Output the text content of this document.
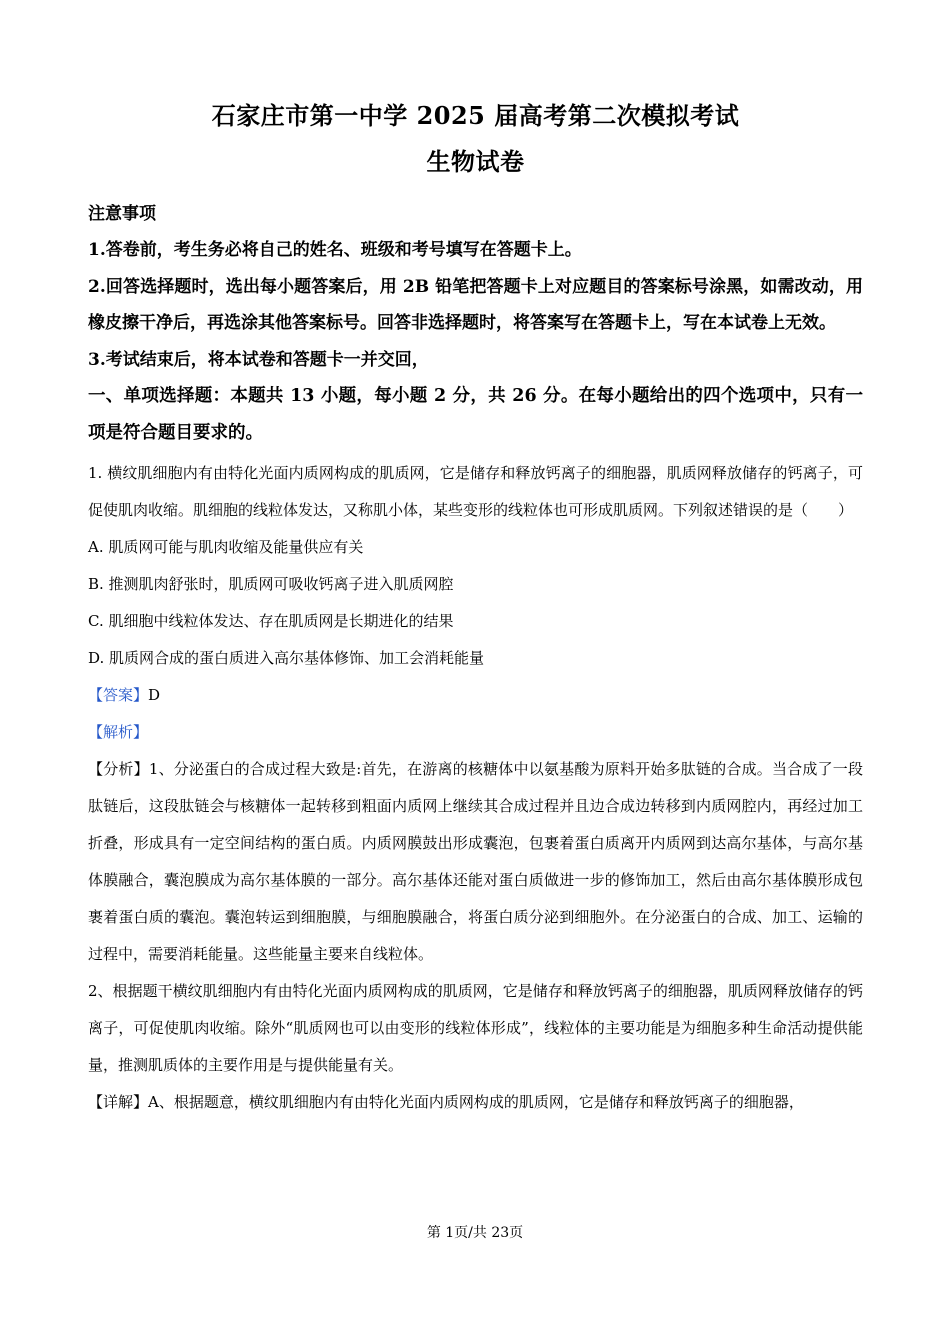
石家庄市第一中学 2025 届高考第二次模拟考试
生物试卷
注意事项

1.答卷前，考生务必将自己的姓名、班级和考号填写在答题卡上。

2.回答选择题时，选出每小题答案后，用 2B 铅笔把答题卡上对应题目的答案标号涂黑，如需改动，用橡皮擦干净后，再选涂其他答案标号。回答非选择题时，将答案写在答题卡上，写在本试卷上无效。

3.考试结束后，将本试卷和答题卡一并交回，

一、单项选择题：本题共 13 小题，每小题 2 分，共 26 分。在每小题给出的四个选项中，只有一项是符合题目要求的。

1. 横纹肌细胞内有由特化光面内质网构成的肌质网，它是储存和释放钙离子的细胞器，肌质网释放储存的钙离子，可促使肌肉收缩。肌细胞的线粒体发达，又称肌小体，某些变形的线粒体也可形成肌质网。下列叙述错误的是（　　）

A. 肌质网可能与肌肉收缩及能量供应有关

B. 推测肌肉舒张时，肌质网可吸收钙离子进入肌质网腔

C. 肌细胞中线粒体发达、存在肌质网是长期进化的结果

D. 肌质网合成的蛋白质进入高尔基体修饰、加工会消耗能量

【答案】D

【解析】

【分析】1、分泌蛋白的合成过程大致是:首先，在游离的核糖体中以氨基酸为原料开始多肽链的合成。当合成了一段肽链后，这段肽链会与核糖体一起转移到粗面内质网上继续其合成过程并且边合成边转移到内质网腔内，再经过加工折叠，形成具有一定空间结构的蛋白质。内质网膜鼓出形成囊泡，包裹着蛋白质离开内质网到达高尔基体，与高尔基体膜融合，囊泡膜成为高尔基体膜的一部分。高尔基体还能对蛋白质做进一步的修饰加工，然后由高尔基体膜形成包裹着蛋白质的囊泡。囊泡转运到细胞膜，与细胞膜融合，将蛋白质分泌到细胞外。在分泌蛋白的合成、加工、运输的过程中，需要消耗能量。这些能量主要来自线粒体。

2、根据题干横纹肌细胞内有由特化光面内质网构成的肌质网，它是储存和释放钙离子的细胞器，肌质网释放储存的钙离子，可促使肌肉收缩。除外“肌质网也可以由变形的线粒体形成”，线粒体的主要功能是为细胞多种生命活动提供能量，推测肌质体的主要作用是与提供能量有关。

【详解】A、根据题意，横纹肌细胞内有由特化光面内质网构成的肌质网，它是储存和释放钙离子的细胞器，

第 1页/共 23页
